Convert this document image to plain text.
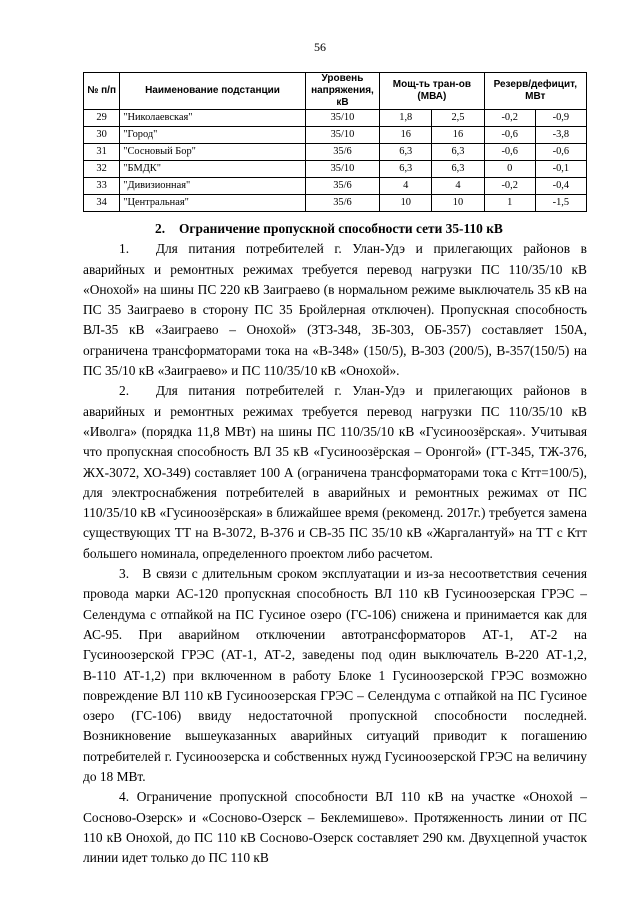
56
№ п/п	Наименование подстанции	Уровень напряжения, кВ	Мощ-ть тран-ов (МВА)		Резерв/дефицит, МВт	
29	"Николаевская"	35/10	1,8	2,5	-0,2	-0,9
30	"Город"	35/10	16	16	-0,6	-3,8
31	"Сосновый Бор"	35/6	6,3	6,3	-0,6	-0,6
32	"БМДК"	35/10	6,3	6,3	0	-0,1
33	"Дивизионная"	35/6	4	4	-0,2	-0,4
34	"Центральная"	35/6	10	10	1	-1,5
2. Ограничение пропускной способности сети 35-110 кВ

1.  Для питания потребителей г. Улан-Удэ и прилегающих районов в аварийных и ремонтных режимах требуется перевод нагрузки ПС 110/35/10 кВ «Онохой» на шины ПС 220 кВ Заиграево (в нормальном режиме выключатель 35 кВ на ПС 35 Заиграево в сторону ПС 35 Бройлерная отключен). Пропускная способность ВЛ-35 кВ «Заиграево – Онохой» (ЗТЗ-348, ЗБ-303, ОБ-357) составляет 150А, ограничена трансформаторами тока на «В-348» (150/5), В-303 (200/5), В-357(150/5) на ПС 35/10 кВ «Заиграево» и ПС 110/35/10 кВ «Онохой».

2.  Для питания потребителей г. Улан-Удэ и прилегающих районов в аварийных и ремонтных режимах требуется перевод нагрузки ПС 110/35/10 кВ «Иволга» (порядка 11,8 МВт) на шины ПС 110/35/10 кВ «Гусиноозёрская». Учитывая что пропускная способность ВЛ 35 кВ «Гусиноозёрская – Оронгой» (ГТ-345, ТЖ-376, ЖХ-3072, ХО-349) составляет 100 А (ограничена трансформаторами тока с Ктт=100/5), для электроснабжения потребителей в аварийных и ремонтных режимах от ПС 110/35/10 кВ «Гусиноозёрская» в ближайшее время (рекоменд. 2017г.) требуется замена существующих ТТ на В-3072, В-376 и СВ-35 ПС 35/10 кВ «Жаргалантуй» на ТТ с Ктт большего номинала, определенного проектом либо расчетом.

3. В связи с длительным сроком эксплуатации и из-за несоответствия сечения провода марки АС-120 пропускная способность ВЛ 110 кВ Гусиноозерская ГРЭС – Селендума с отпайкой на ПС Гусиное озеро (ГС-106) снижена и принимается как для АС-95. При аварийном отключении автотрансформаторов АТ-1, АТ-2 на Гусиноозерской ГРЭС (АТ-1, АТ-2, заведены под один выключатель В-220 АТ-1,2, В-110 АТ-1,2) при включенном в работу Блоке 1 Гусиноозерской ГРЭС возможно повреждение ВЛ 110 кВ Гусиноозерская ГРЭС – Селендума с отпайкой на ПС Гусиное озеро (ГС-106) ввиду недостаточной пропускной способности последней. Возникновение вышеуказанных аварийных ситуаций приводит к погашению потребителей г. Гусиноозерска и собственных нужд Гусиноозерской ГРЭС на величину до 18 МВт.

4. Ограничение пропускной способности ВЛ 110 кВ на участке «Онохой – Сосново-Озерск» и «Сосново-Озерск – Беклемишево». Протяженность линии от ПС 110 кВ Онохой, до ПС 110 кВ Сосново-Озерск составляет 290 км. Двухцепной участок линии идет только до ПС 110 кВ
